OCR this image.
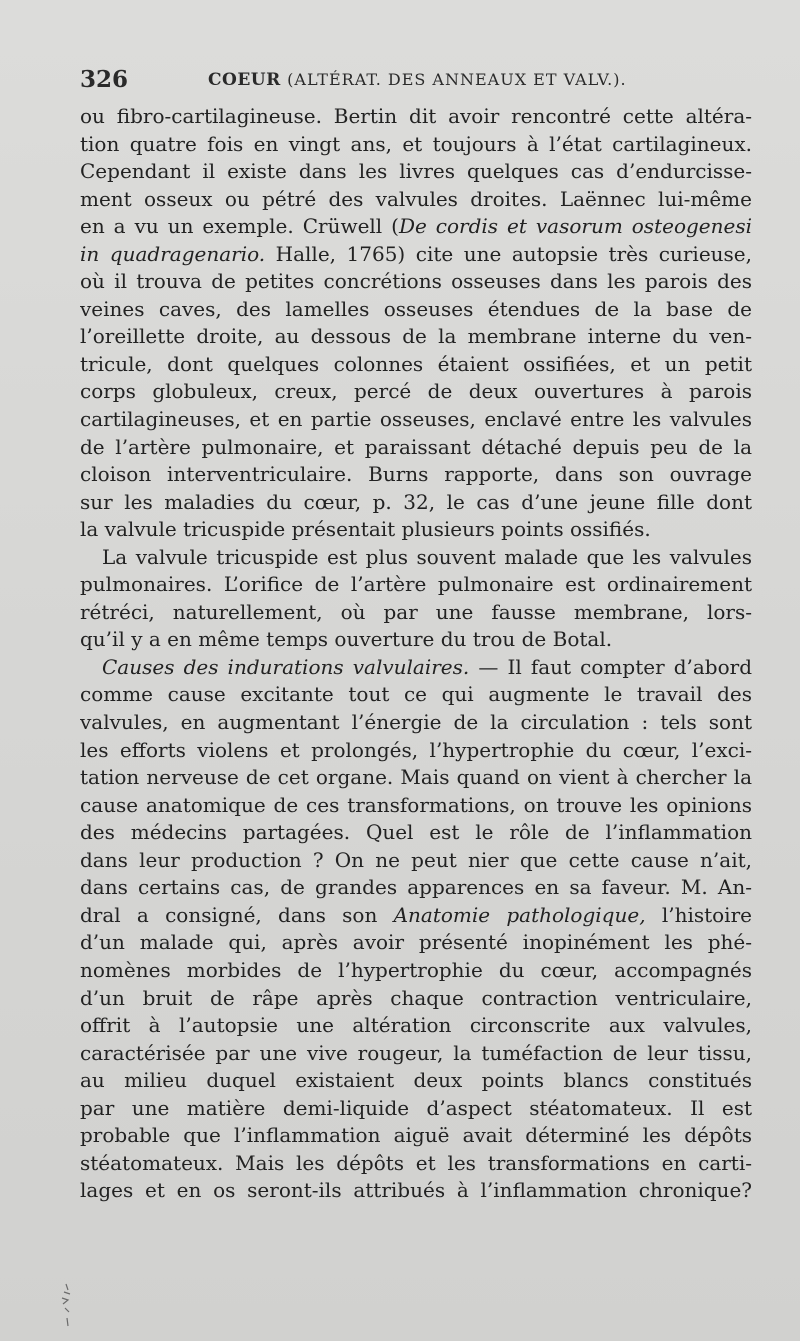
326	COEUR (ALTÉRAT. DES ANNEAUX ET VALV.).
ou fibro-cartilagineuse. Bertin dit avoir rencontré cette altéra-
tion quatre fois en vingt ans, et toujours à l’état cartilagineux.
Cependant il existe dans les livres quelques cas d’endurcisse-
ment osseux ou pétré des valvules droites. Laënnec lui-même
en a vu un exemple. Crüwell (De cordis et vasorum osteogenesi
in quadragenario. Halle, 1765) cite une autopsie très curieuse,
où il trouva de petites concrétions osseuses dans les parois des
veines caves, des lamelles osseuses étendues de la base de
l’oreillette droite, au dessous de la membrane interne du ven-
tricule, dont quelques colonnes étaient ossifiées, et un petit
corps globuleux, creux, percé de deux ouvertures à parois
cartilagineuses, et en partie osseuses, enclavé entre les valvules
de l’artère pulmonaire, et paraissant détaché depuis peu de la
cloison interventriculaire. Burns rapporte, dans son ouvrage
sur les maladies du cœur, p. 32, le cas d’une jeune fille dont
la valvule tricuspide présentait plusieurs points ossifiés.
La valvule tricuspide est plus souvent malade que les valvules
pulmonaires. L’orifice de l’artère pulmonaire est ordinairement
rétréci, naturellement, où par une fausse membrane, lors-
qu’il y a en même temps ouverture du trou de Botal.
Causes des indurations valvulaires. — Il faut compter d’abord
comme cause excitante tout ce qui augmente le travail des
valvules, en augmentant l’énergie de la circulation : tels sont
les efforts violens et prolongés, l’hypertrophie du cœur, l’exci-
tation nerveuse de cet organe. Mais quand on vient à chercher la
cause anatomique de ces transformations, on trouve les opinions
des médecins partagées. Quel est le rôle de l’inflammation
dans leur production ? On ne peut nier que cette cause n’ait,
dans certains cas, de grandes apparences en sa faveur. M. An-
dral a consigné, dans son Anatomie pathologique, l’histoire
d’un malade qui, après avoir présenté inopinément les phé-
nomènes morbides de l’hypertrophie du cœur, accompagnés
d’un bruit de râpe après chaque contraction ventriculaire,
offrit à l’autopsie une altération circonscrite aux valvules,
caractérisée par une vive rougeur, la tuméfaction de leur tissu,
au milieu duquel existaient deux points blancs constitués
par une matière demi-liquide d’aspect stéatomateux. Il est
probable que l’inflammation aiguë avait déterminé les dépôts
stéatomateux. Mais les dépôts et les transformations en carti-
lages et en os seront-ils attribués à l’inflammation chronique?
